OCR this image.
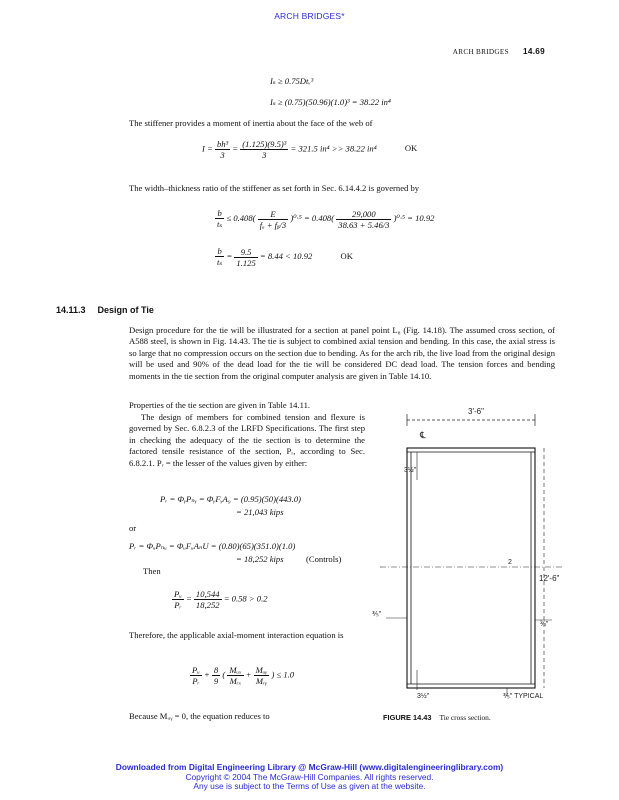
ARCH BRIDGES*
ARCH BRIDGES 14.69
Iₛ ≥ 0.75Dtᵥ³
Iₛ ≥ (0.75)(50.96)(1.0)³ = 38.22 in⁴
The stiffener provides a moment of inertia about the face of the web of
$I = \frac{\text{bh³}}{3} = \frac{\text{(1.125)(9.5)³}}{3} = 321.5$ in⁴ >> 38.22 in⁴	OK
The width–thickness ratio of the stiffener as set forth in Sec. 6.14.4.2 is governed by
$\frac{b}{\text{tₛ}} \le 0.408( \frac{E}{\text{fₐ + fᵦ/3}} )^0\cdot^5 = 0.408( \frac{29,000}{38.63 + 5.46/3} )^0\cdot^5 = 10.92$
$\frac{b}{\text{tₛ}} = \frac{9.5}{1.125} = 8.44 < 10.92$	OK
14.11.3 Design of Tie
Design procedure for the tie will be illustrated for a section at panel point L₈ (Fig. 14.18). The assumed cross section, of A588 steel, is shown in Fig. 14.43. The tie is subject to combined axial tension and bending. In this case, the axial stress is so large that no compression occurs on the section due to bending. As for the arch rib, the live load from the original design will be used and 90% of the dead load for the tie will be considered DC dead load. The tension forces and bending moments in the tie section from the original computer analysis are given in Table 14.10.
Properties of the tie section are given in Table 14.11.
The design of members for combined tension and flexure is governed by Sec. 6.8.2.3 of the LRFD Specifications. The first step in checking the adequacy of the tie section is to determine the factored tensile resistance of the section, Pᵣ, according to Sec. 6.8.2.1. Pᵣ = the lesser of the values given by either:
Pᵣ = ΦᵧPₙᵧ = ΦᵧFᵧA₉ = (0.95)(50)(443.0)
= 21,043 kips
or
Pᵣ = ΦᵤPₙᵤ = ΦᵤFᵤAₙU = (0.80)(65)(351.0)(1.0)
= 18,252 kips	(Controls)
Then
$\frac{\text{Pᵤ}}{\text{Pᵣ}} = \frac{10,544}{18,252} = 0.58 > 0.2$
Therefore, the applicable axial-moment interaction equation is
$\frac{\text{Pᵤ}}{\text{Pᵣ}} + \frac{8}{9}$ ( $\frac{\text{Mᵤₓ}}{\text{Mᵣₓ}} + \frac{\text{Mᵤᵧ}}{\text{Mᵣᵧ}}$ ) ≤ 1.0
Because Mᵤᵧ = 0, the equation reduces to
3'-6"
℄
3½"
2
12'-6"
⅗"
¾"
3½"	⅗" TYPICAL
FIGURE 14.43 Tie cross section.
Downloaded from Digital Engineering Library @ McGraw-Hill (www.digitalengineeringlibrary.com)
Copyright © 2004 The McGraw-Hill Companies. All rights reserved.
Any use is subject to the Terms of Use as given at the website.
